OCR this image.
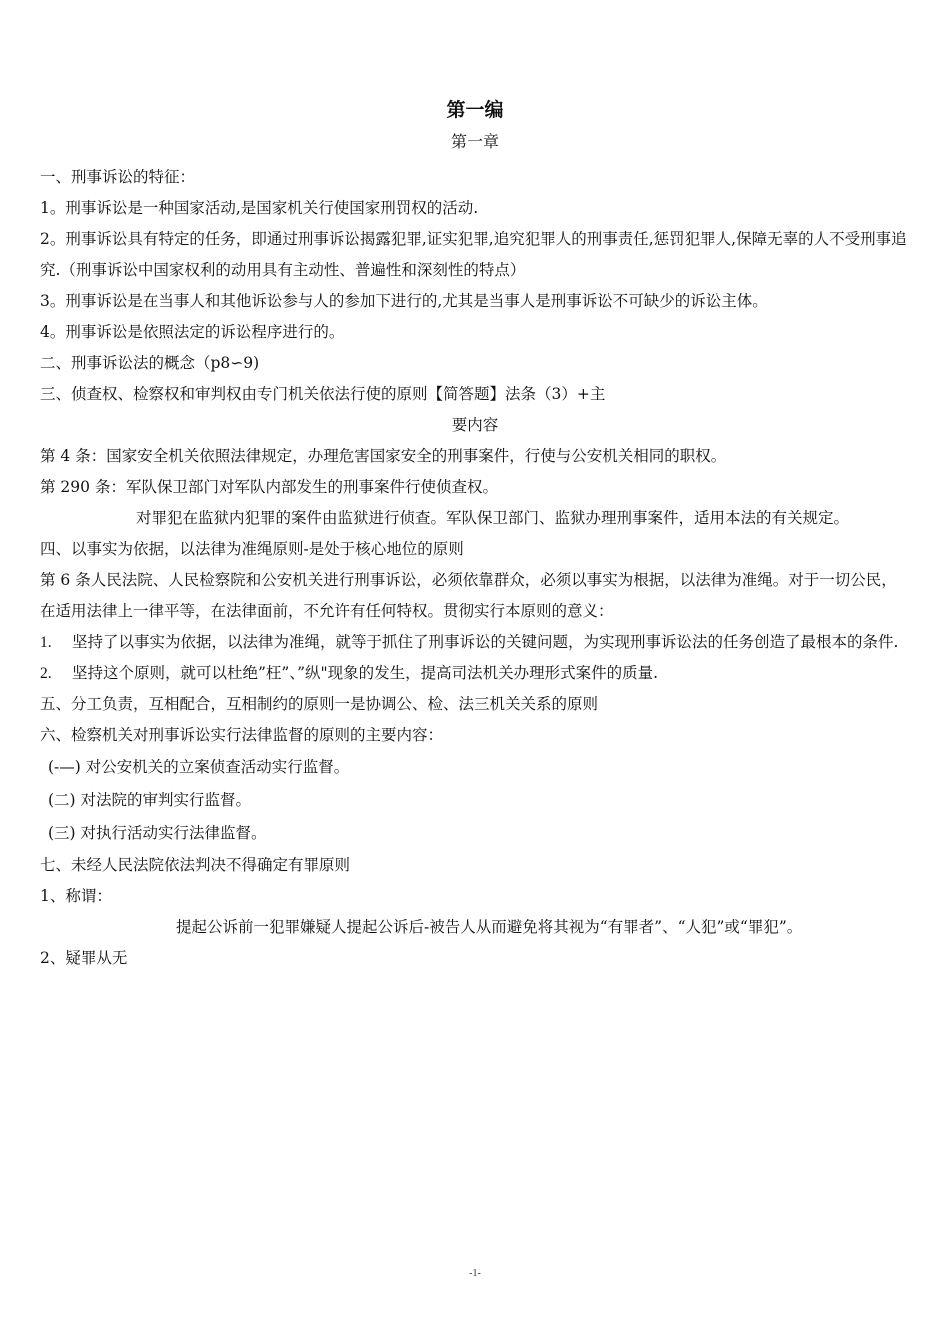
第一编
第一章

一、刑事诉讼的特征：

1。刑事诉讼是一种国家活动,是国家机关行使国家刑罚权的活动.

2。刑事诉讼具有特定的任务，即通过刑事诉讼揭露犯罪,证实犯罪,追究犯罪人的刑事责任,惩罚犯罪人,保障无辜的人不受刑事追究.（刑事诉讼中国家权利的动用具有主动性、普遍性和深刻性的特点）

3。刑事诉讼是在当事人和其他诉讼参与人的参加下进行的,尤其是当事人是刑事诉讼不可缺少的诉讼主体。

4。刑事诉讼是依照法定的诉讼程序进行的。

二、刑事诉讼法的概念（p8∽9)

三、侦查权、检察权和审判权由专门机关依法行使的原则【简答题】法条（3）+主

要内容

第 4 条：国家安全机关依照法律规定，办理危害国家安全的刑事案件，行使与公安机关相同的职权。

第 290 条：军队保卫部门对军队内部发生的刑事案件行使侦查权。

对罪犯在监狱内犯罪的案件由监狱进行侦查。军队保卫部门、监狱办理刑事案件，适用本法的有关规定。

四、以事实为依据，以法律为准绳原则-是处于核心地位的原则

第 6 条人民法院、人民检察院和公安机关进行刑事诉讼，必须依靠群众，必须以事实为根据，以法律为准绳。对于一切公民，在适用法律上一律平等，在法律面前，不允许有任何特权。贯彻实行本原则的意义：

1.	坚持了以事实为依据，以法律为准绳，就等于抓住了刑事诉讼的关键问题，为实现刑事诉讼法的任务创造了最根本的条件.
2.	坚持这个原则，就可以杜绝”枉”、”纵"现象的发生，提高司法机关办理形式案件的质量.

五、分工负责，互相配合，互相制约的原则一是协调公、检、法三机关关系的原则

六、检察机关对刑事诉讼实行法律监督的原则的主要内容：

(-—) 对公安机关的立案侦查活动实行监督。
(二) 对法院的审判实行监督。
(三) 对执行活动实行法律监督。

七、未经人民法院依法判决不得确定有罪原则

1、称谓：

提起公诉前一犯罪嫌疑人提起公诉后-被告人从而避免将其视为“有罪者”、“人犯”或“罪犯”。

2、疑罪从无

-1-
